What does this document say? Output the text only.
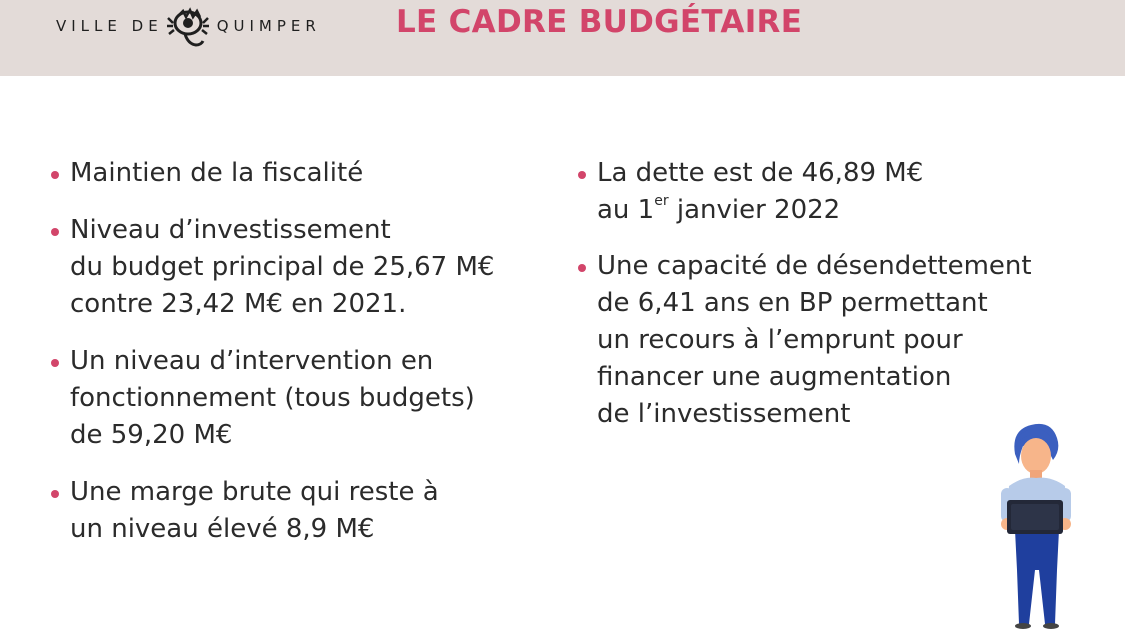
VILLE DE	QUIMPER LE CADRE BUDGÉTAIRE
Maintien de la fiscalité
Niveau d’investissement
du budget principal de 25,67 M€
contre 23,42 M€ en 2021.
Un niveau d’intervention en
fonctionnement (tous budgets)
de 59,20 M€
Une marge brute qui reste à
un niveau élevé 8,9 M€
La dette est de 46,89 M€
au 1er janvier 2022
Une capacité de désendettement
de 6,41 ans en BP permettant
un recours à l’emprunt pour
financer une augmentation
de l’investissement
